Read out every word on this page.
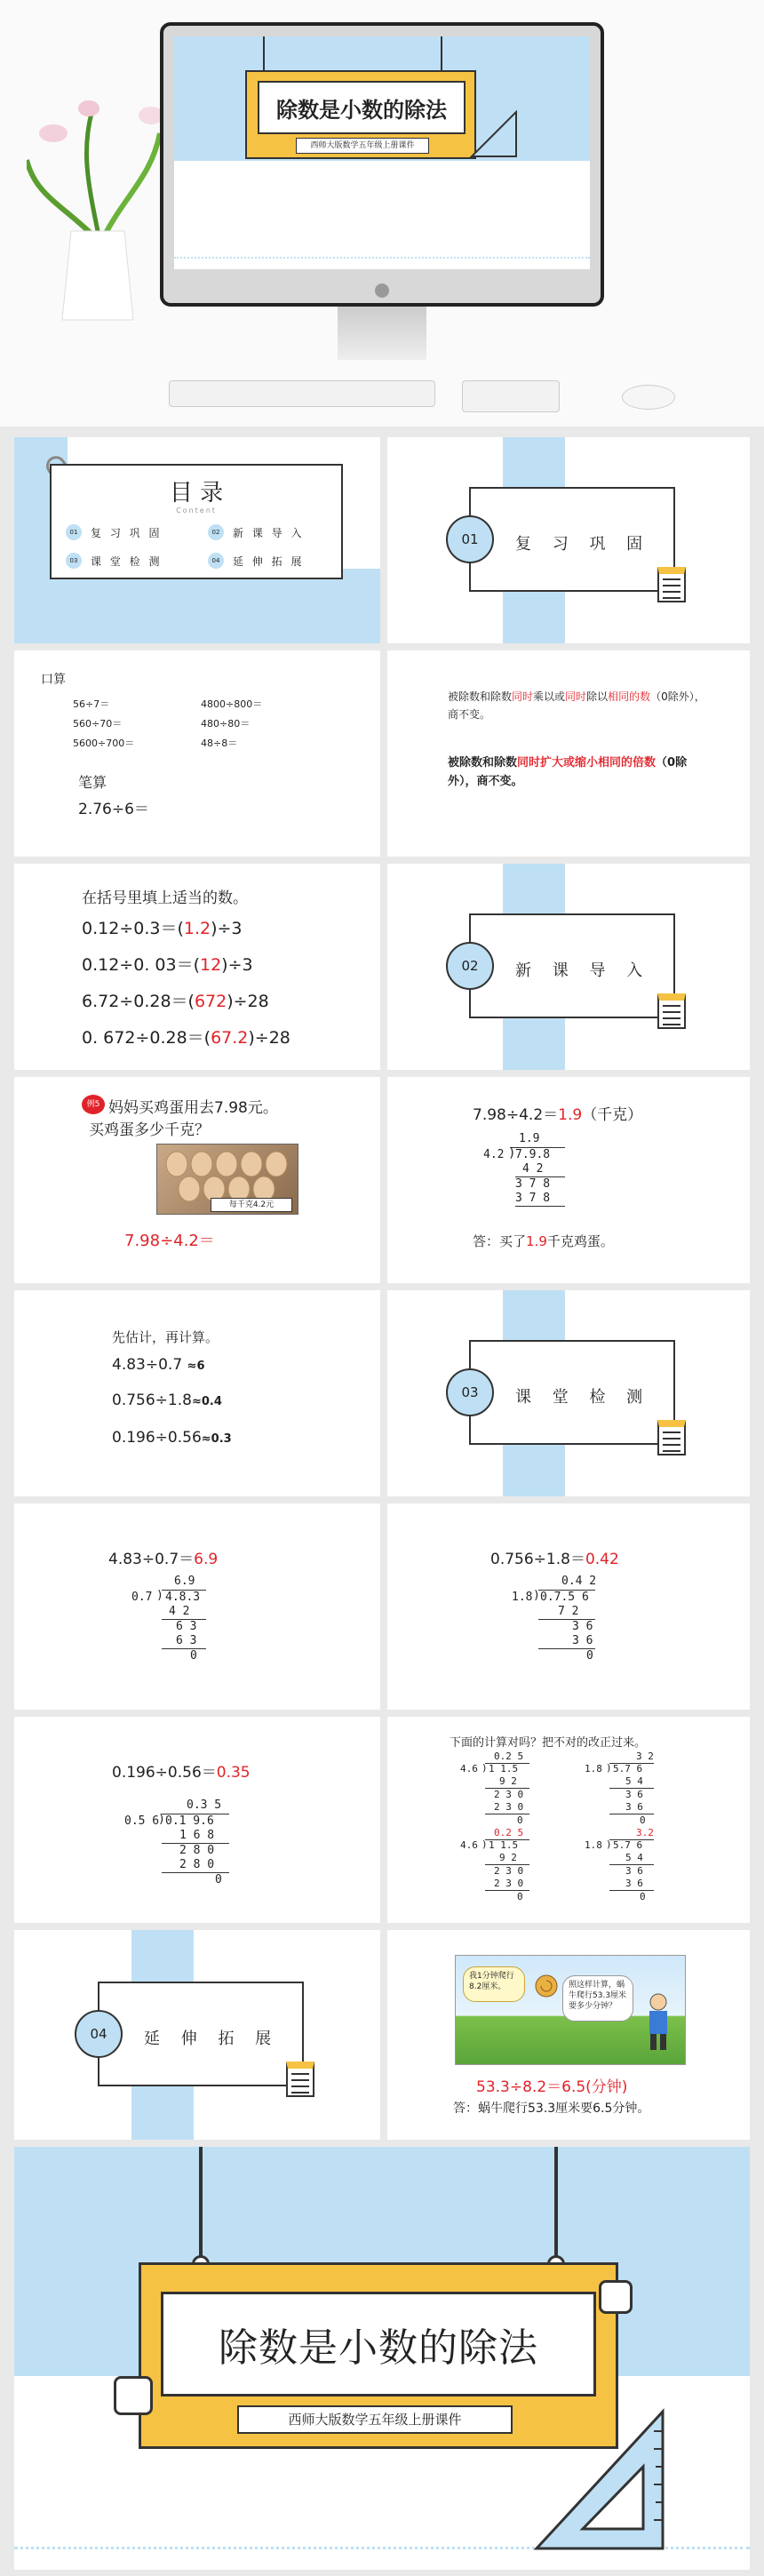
除数是小数的除法
西师大版数学五年级上册课件
目 录
Content
01	复 习 巩 固	02	新 课 导 入
03	课 堂 检 测	04	延 伸 拓 展
01	复 习 巩 固
口算
56÷7＝	4800÷800＝
560÷70＝	480÷80＝
5600÷700＝	48÷8＝
笔算
2.76÷6＝
被除数和除数同时乘以或同时除以相同的数（0除外），商不变。
被除数和除数同时扩大或缩小相同的倍数（0除外），商不变。
在括号里填上适当的数。
0.12÷0.3＝(1.2)÷3
0.12÷0. 03＝(12)÷3
6.72÷0.28＝(672)÷28
0. 672÷0.28＝(67.2)÷28
02	新 课 导 入
例5 妈妈买鸡蛋用去7.98元。
买鸡蛋多少千克？
每千克4.2元
7.98÷4.2＝
7.98÷4.2＝1.9（千克）
1.9
4.2 ) 7.9.8
4 2
3 7 8
3 7 8
答：买了1.9千克鸡蛋。
先估计，再计算。
4.83÷0.7 ≈6
0.756÷1.8≈0.4
0.196÷0.56≈0.3
03	课 堂 检 测
4.83÷0.7＝6.9
6.9
0.7 ) 4.8.3
4 2
6 3
6 3
0
0.756÷1.8＝0.42
0.4 2
1.8 ) 0.7.5 6
7 2
3 6
3 6
0
0.196÷0.56＝0.35
0.3 5
0.5 6
) 0.1 9.6
1 6 8
2 8 0
2 8 0
0
下面的计算对吗？把不对的改正过来。
0.2 5
4.6 ) 1 1.5
9 2
2 3 0
2 3 0
0
3 2
1.8 ) 5.7 6
5 4
3 6
3 6
0
0.2 5
4.6 ) 1 1.5
9 2
2 3 0
2 3 0
0
3.2
1.8 ) 5.7 6
5 4
3 6
3 6
0
04	延 伸 拓 展
我1分钟爬行8.2厘米。	照这样计算，蜗牛爬行53.3厘米要多少分钟？
53.3÷8.2＝6.5(分钟)
答：蜗牛爬行53.3厘米要6.5分钟。
除数是小数的除法
西师大版数学五年级上册课件
